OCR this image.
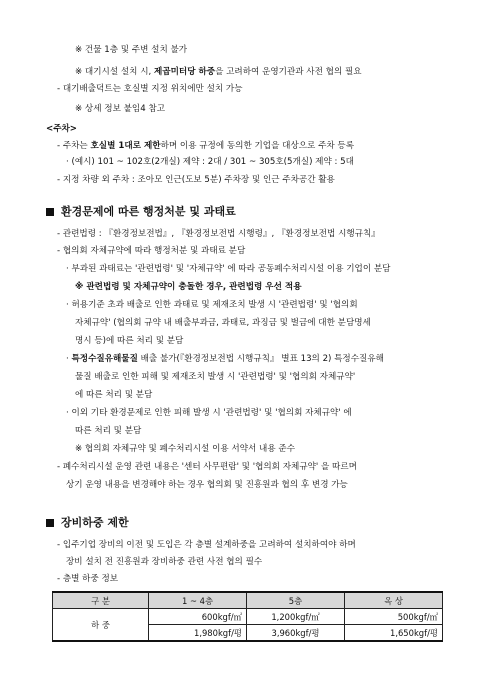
※ 건물 1층 및 주변 설치 불가
※ 대기시설 설치 시, 제곱미터당 하중을 고려하여 운영기관과 사전 협의 필요
- 대기배출덕트는 호실별 지정 위치에만 설치 가능
※ 상세 정보 붙임4 참고
<주차>
- 주차는 호실별 1대로 제한하며 이용 규정에 동의한 기업을 대상으로 주차 등록
· (예시) 101 ~ 102호(2개실) 제약 : 2대 / 301 ~ 305호(5개실) 제약 : 5대
- 지정 차량 외 주차 : 조아모 인근(도보 5분) 주차장 및 인근 주차공간 활용
환경문제에 따른 행정처분 및 과태료
- 관련법령 : 『환경정보전법』, 『환경정보전법 시행령』, 『환경정보전법 시행규칙』
- 협의회 자체규약에 따라 행정처분 및 과태료 분담
· 부과된 과태료는 '관련법령' 및 '자체규약' 에 따라 공동폐수처리시설 이용 기업이 분담
※ 관련법령 및 자체규약이 충돌한 경우, 관련법령 우선 적용
· 허용기준 초과 배출로 인한 과태료 및 제재조치 발생 시 '관련법령' 및 '협의회
자체규약' (협의회 규약 내 배출부과금, 과태료, 과징금 및 벌금에 대한 분담명세
명시 등)에 따른 처리 및 분담
· 특정수질유해물질 배출 불가(『환경정보전법 시행규칙』 별표 13의 2) 특정수질유해
물질 배출로 인한 피해 및 제재조치 발생 시 '관련법령' 및 '협의회 자체규약'
에 따른 처리 및 분담
· 이외 기타 환경문제로 인한 피해 발생 시 '관련법령' 및 '협의회 자체규약' 에
따른 처리 및 분담
※ 협의회 자체규약 및 폐수처리시설 이용 서약서 내용 준수
- 폐수처리시설 운영 관련 내용은 '센터 사무편람' 및 '협의회 자체규약' 을 따르며
상기 운영 내용을 변경해야 하는 경우 협의회 및 진흥원과 협의 후 변경 가능
장비하중 제한
- 입주기업 장비의 이전 및 도입은 각 층별 설계하중을 고려하여 설치하여야 하며
장비 설치 전 진흥원과 장비하중 관련 사전 협의 필수
- 층별 하중 정보
구 분	1 ~ 4층	5층	옥 상
하 중	600kgf/㎡	1,200kgf/㎡	500kgf/㎡
	1,980kgf/평	3,960kgf/평	1,650kgf/평
